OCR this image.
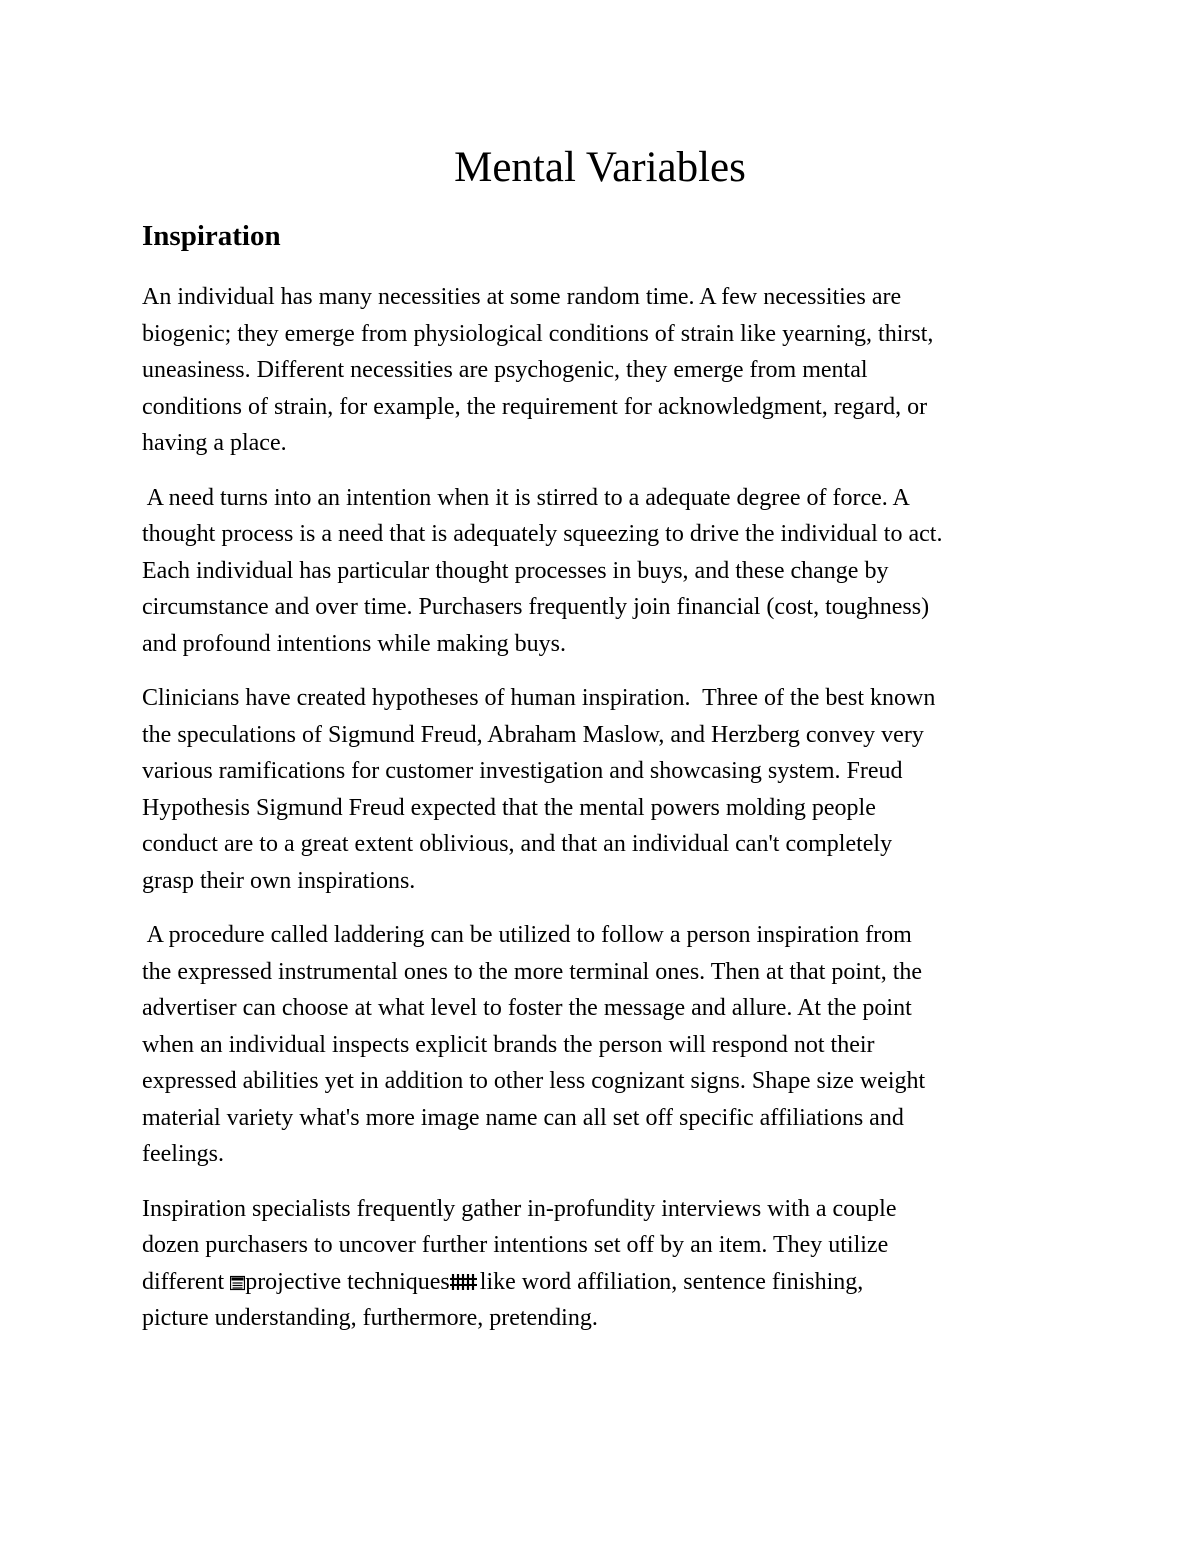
Mental Variables
Inspiration

An individual has many necessities at some random time. A few necessities are
biogenic; they emerge from physiological conditions of strain like yearning, thirst,
uneasiness. Different necessities are psychogenic, they emerge from mental
conditions of strain, for example, the requirement for acknowledgment, regard, or
having a place.

A need turns into an intention when it is stirred to a adequate degree of force. A
thought process is a need that is adequately squeezing to drive the individual to act.
Each individual has particular thought processes in buys, and these change by
circumstance and over time. Purchasers frequently join financial (cost, toughness)
and profound intentions while making buys.

Clinicians have created hypotheses of human inspiration.  Three of the best known
the speculations of Sigmund Freud, Abraham Maslow, and Herzberg convey very
various ramifications for customer investigation and showcasing system. Freud
Hypothesis Sigmund Freud expected that the mental powers molding people
conduct are to a great extent oblivious, and that an individual can't completely
grasp their own inspirations.

A procedure called laddering can be utilized to follow a person inspiration from
the expressed instrumental ones to the more terminal ones. Then at that point, the
advertiser can choose at what level to foster the message and allure. At the point
when an individual inspects explicit brands the person will respond not their
expressed abilities yet in addition to other less cognizant signs. Shape size weight
material variety what's more image name can all set off specific affiliations and
feelings.

Inspiration specialists frequently gather in-profundity interviews with a couple
dozen purchasers to uncover further intentions set off by an item. They utilize
different
projective techniques like word affiliation, sentence finishing,
picture understanding, furthermore, pretending.
